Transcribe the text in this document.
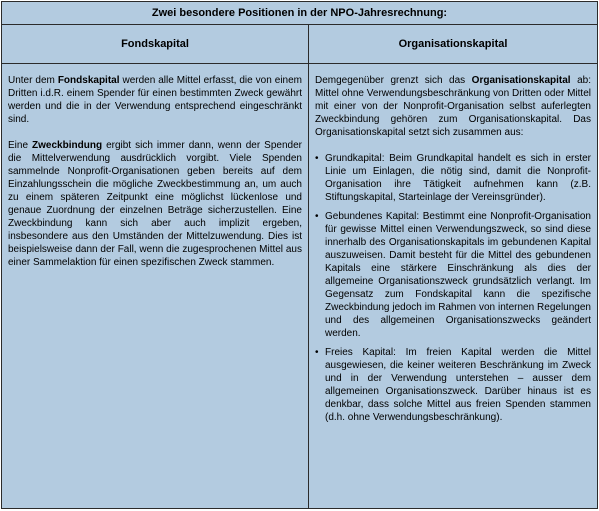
Zwei besondere Positionen in der NPO-Jahresrechnung:
Fondskapital	Organisationskapital

Unter dem Fondskapital werden alle Mittel erfasst, die von einem Dritten i.d.R. einem Spender für einen bestimmten Zweck gewährt werden und die in der Verwendung entsprechend eingeschränkt sind.

Eine Zweckbindung ergibt sich immer dann, wenn der Spender die Mittelverwendung ausdrücklich vorgibt. Viele Spenden sammelnde Nonprofit-Organisationen geben bereits auf dem Einzahlungsschein die mögliche Zweckbestimmung an, um auch zu einem späteren Zeitpunkt eine möglichst lückenlose und genaue Zuordnung der einzelnen Beträge sicherzustellen. Eine Zweckbindung kann sich aber auch implizit ergeben, insbesondere aus den Umständen der Mittelzuwendung. Dies ist beispielsweise dann der Fall, wenn die zugesprochenen Mittel aus einer Sammelaktion für einen spezifischen Zweck stammen.

Demgegenüber grenzt sich das Organisationskapital ab: Mittel ohne Verwendungsbeschränkung von Dritten oder Mittel mit einer von der Nonprofit-Organisation selbst auferlegten Zweckbindung gehören zum Organisationskapital. Das Organisationskapital setzt sich zusammen aus:

• Grundkapital: Beim Grundkapital handelt es sich in erster Linie um Einlagen, die nötig sind, damit die Nonprofit-Organisation ihre Tätigkeit aufnehmen kann (z.B. Stiftungskapital, Starteinlage der Vereinsgründer).
• Gebundenes Kapital: Bestimmt eine Nonprofit-Organisation für gewisse Mittel einen Verwendungszweck, so sind diese innerhalb des Organisationskapitals im gebundenen Kapital auszuweisen. Damit besteht für die Mittel des gebundenen Kapitals eine stärkere Einschränkung als dies der allgemeine Organisationszweck grundsätzlich verlangt. Im Gegensatz zum Fondskapital kann die spezifische Zweckbindung jedoch im Rahmen von internen Regelungen und des allgemeinen Organisationszwecks geändert werden.
• Freies Kapital: Im freien Kapital werden die Mittel ausgewiesen, die keiner weiteren Beschränkung im Zweck und in der Verwendung unterstehen – ausser dem allgemeinen Organisationszweck. Darüber hinaus ist es denkbar, dass solche Mittel aus freien Spenden stammen (d.h. ohne Verwendungsbeschränkung).
